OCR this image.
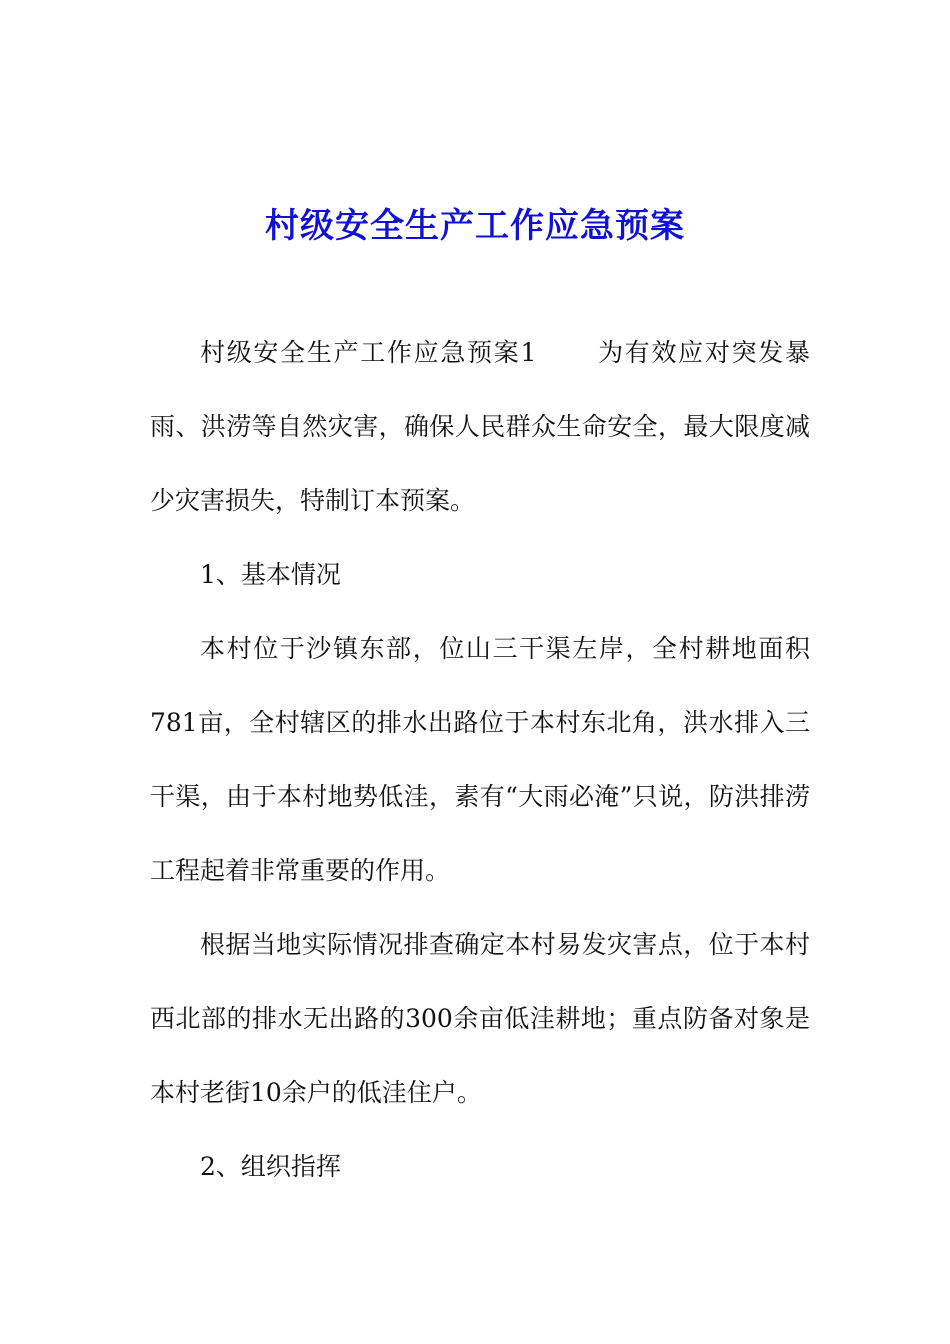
村级安全生产工作应急预案

村级安全生产工作应急预案1 为有效应对突发暴雨、洪涝等自然灾害，确保人民群众生命安全，最大限度减少灾害损失，特制订本预案。

1、基本情况

本村位于沙镇东部，位山三干渠左岸，全村耕地面积781亩，全村辖区的排水出路位于本村东北角，洪水排入三干渠，由于本村地势低洼，素有“大雨必淹”只说，防洪排涝工程起着非常重要的作用。

根据当地实际情况排查确定本村易发灾害点，位于本村西北部的排水无出路的300余亩低洼耕地；重点防备对象是本村老街10余户的低洼住户。

2、组织指挥
